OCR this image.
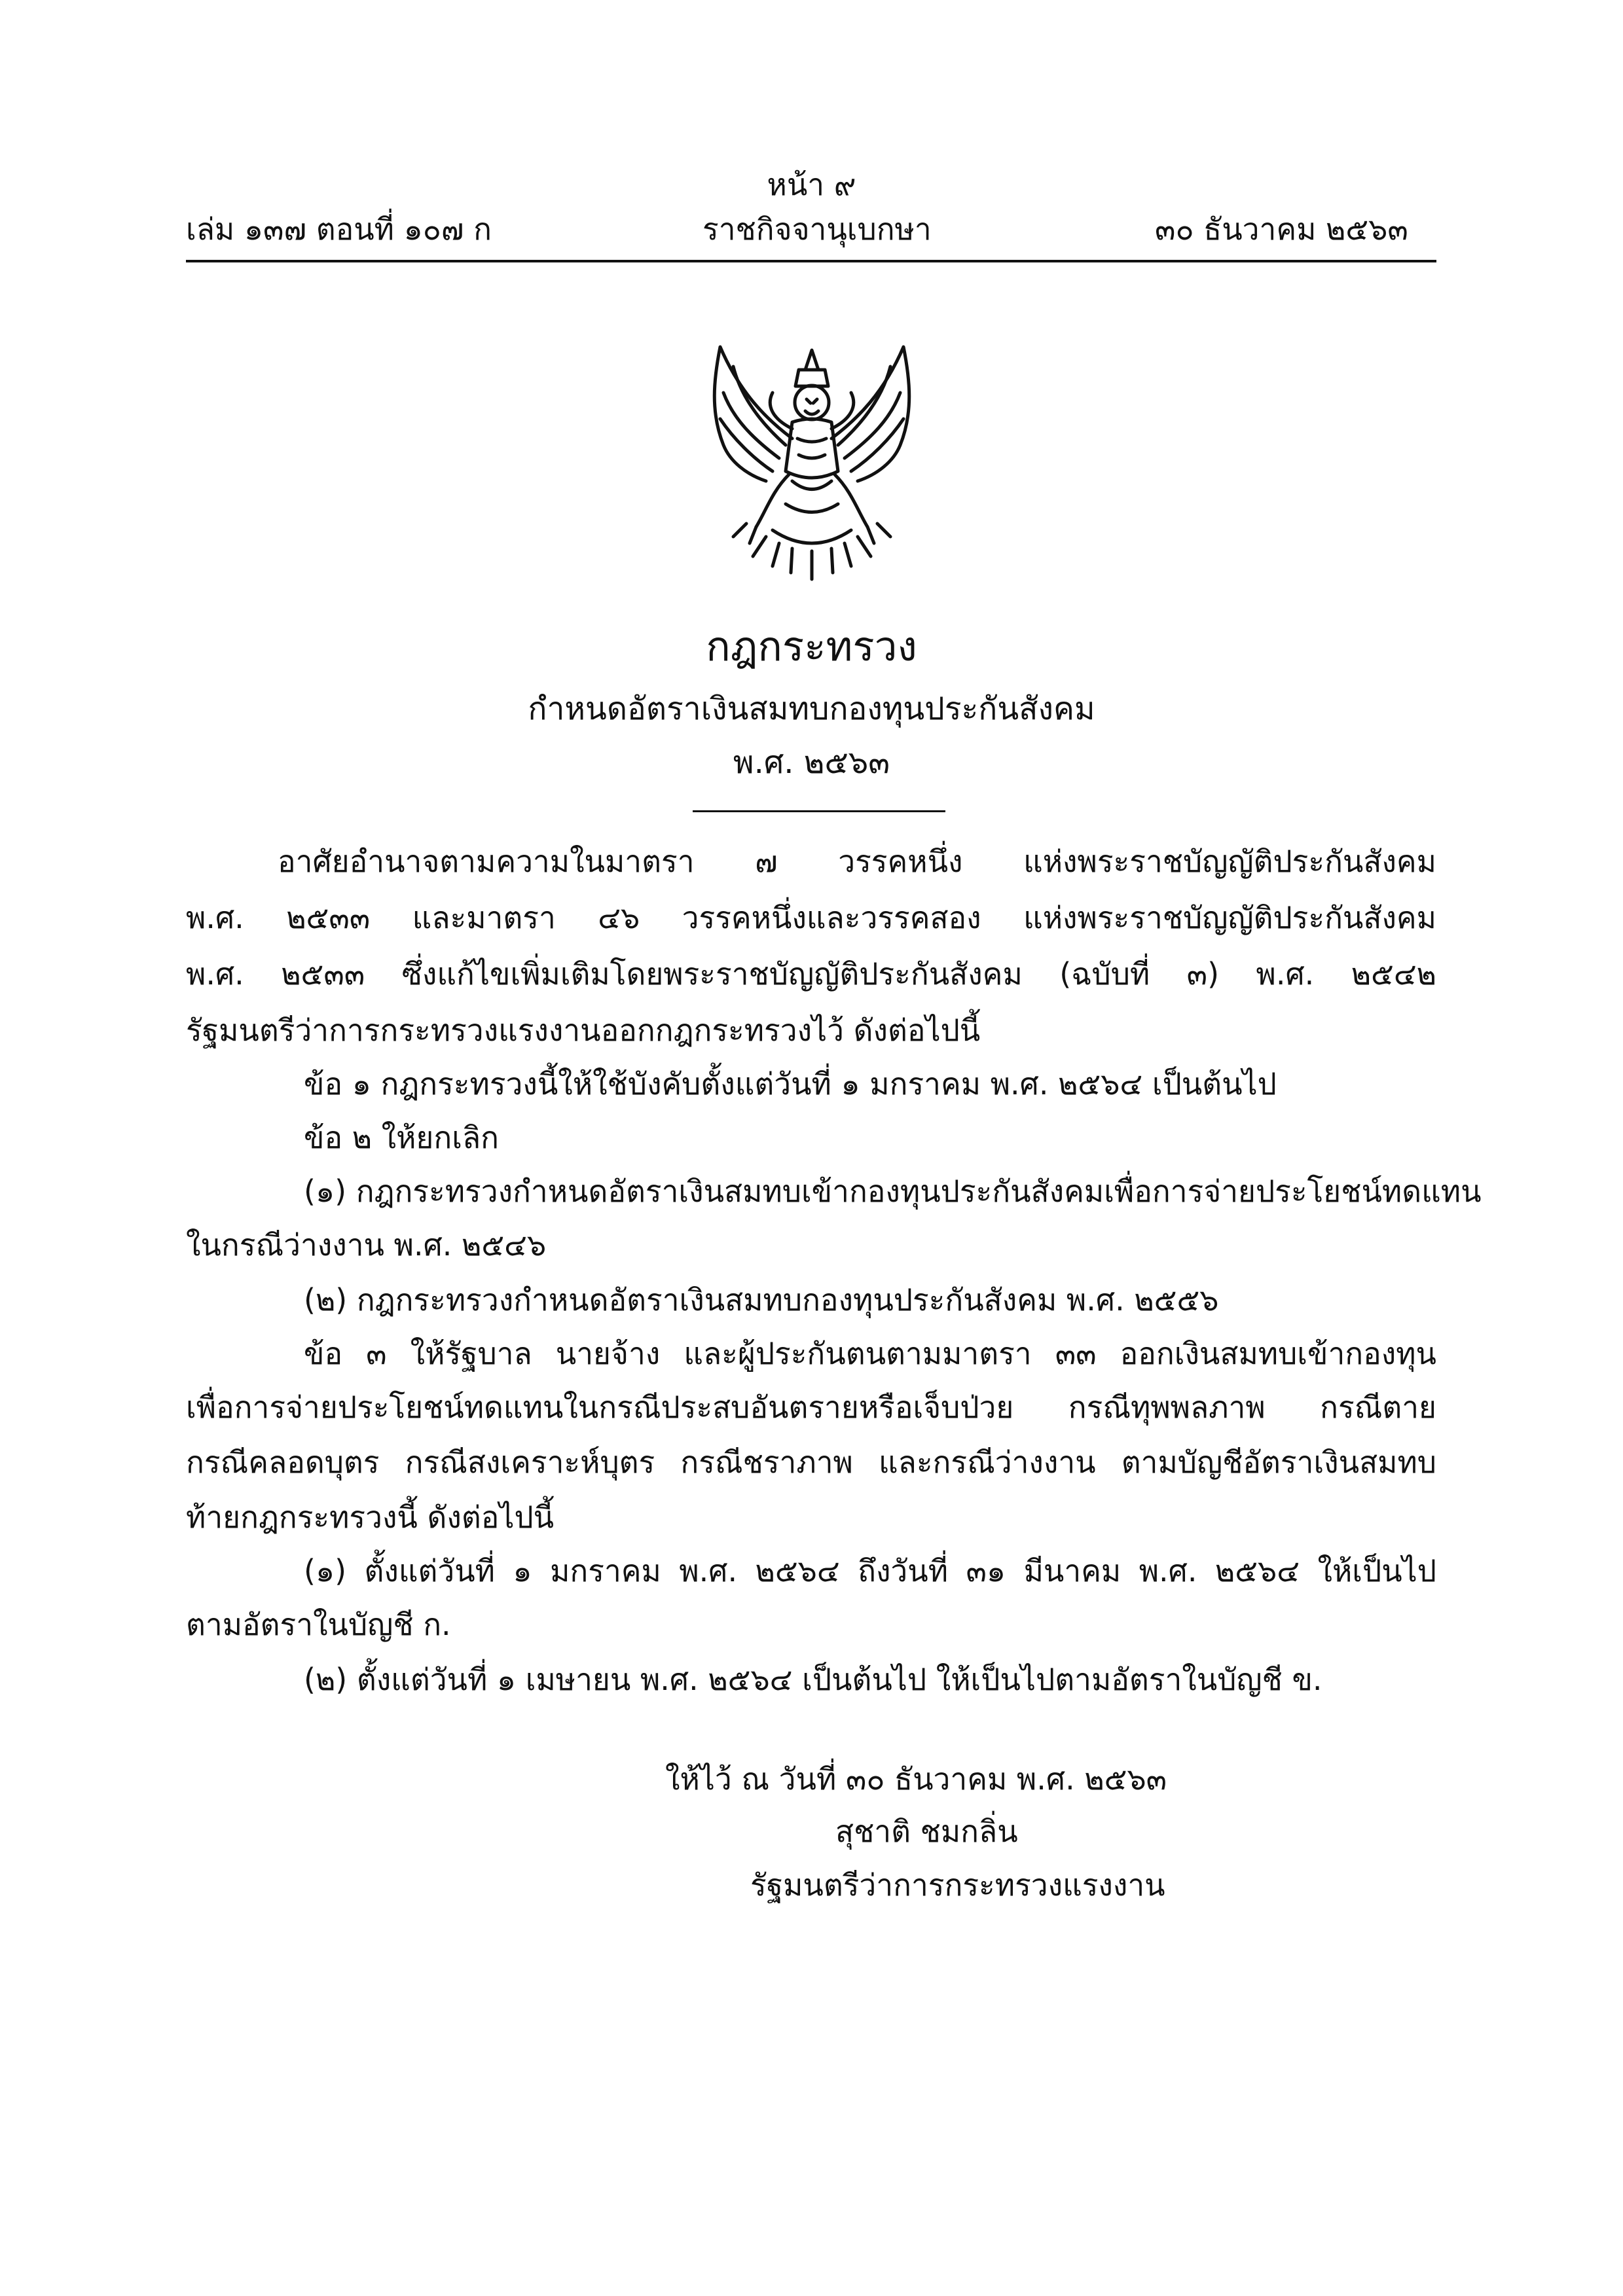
หน้า ๙
เล่ม ๑๓๗ ตอนที่ ๑๐๗ ก	ราชกิจจานุเบกษา	๓๐ ธันวาคม ๒๕๖๓
กฎกระทรวง
กำหนดอัตราเงินสมทบกองทุนประกันสังคม
พ.ศ. ๒๕๖๓
อาศัยอำนาจตามความในมาตรา ๗ วรรคหนึ่ง แห่งพระราชบัญญัติประกันสังคม
พ.ศ. ๒๕๓๓ และมาตรา ๔๖ วรรคหนึ่งและวรรคสอง แห่งพระราชบัญญัติประกันสังคม
พ.ศ. ๒๕๓๓ ซึ่งแก้ไขเพิ่มเติมโดยพระราชบัญญัติประกันสังคม (ฉบับที่ ๓) พ.ศ. ๒๕๔๒
รัฐมนตรีว่าการกระทรวงแรงงานออกกฎกระทรวงไว้ ดังต่อไปนี้
ข้อ ๑ กฎกระทรวงนี้ให้ใช้บังคับตั้งแต่วันที่ ๑ มกราคม พ.ศ. ๒๕๖๔ เป็นต้นไป
ข้อ ๒ ให้ยกเลิก
(๑) กฎกระทรวงกำหนดอัตราเงินสมทบเข้ากองทุนประกันสังคมเพื่อการจ่ายประโยชน์ทดแทน
ในกรณีว่างงาน พ.ศ. ๒๕๔๖
(๒) กฎกระทรวงกำหนดอัตราเงินสมทบกองทุนประกันสังคม พ.ศ. ๒๕๕๖
ข้อ ๓ ให้รัฐบาล นายจ้าง และผู้ประกันตนตามมาตรา ๓๓ ออกเงินสมทบเข้ากองทุน
เพื่อการจ่ายประโยชน์ทดแทนในกรณีประสบอันตรายหรือเจ็บป่วย กรณีทุพพลภาพ กรณีตาย
กรณีคลอดบุตร กรณีสงเคราะห์บุตร กรณีชราภาพ และกรณีว่างงาน ตามบัญชีอัตราเงินสมทบ
ท้ายกฎกระทรวงนี้ ดังต่อไปนี้
(๑) ตั้งแต่วันที่ ๑ มกราคม พ.ศ. ๒๕๖๔ ถึงวันที่ ๓๑ มีนาคม พ.ศ. ๒๕๖๔ ให้เป็นไป
ตามอัตราในบัญชี ก.
(๒) ตั้งแต่วันที่ ๑ เมษายน พ.ศ. ๒๕๖๔ เป็นต้นไป ให้เป็นไปตามอัตราในบัญชี ข.
ให้ไว้ ณ วันที่ ๓๐ ธันวาคม พ.ศ. ๒๕๖๓
สุชาติ ชมกลิ่น
รัฐมนตรีว่าการกระทรวงแรงงาน
